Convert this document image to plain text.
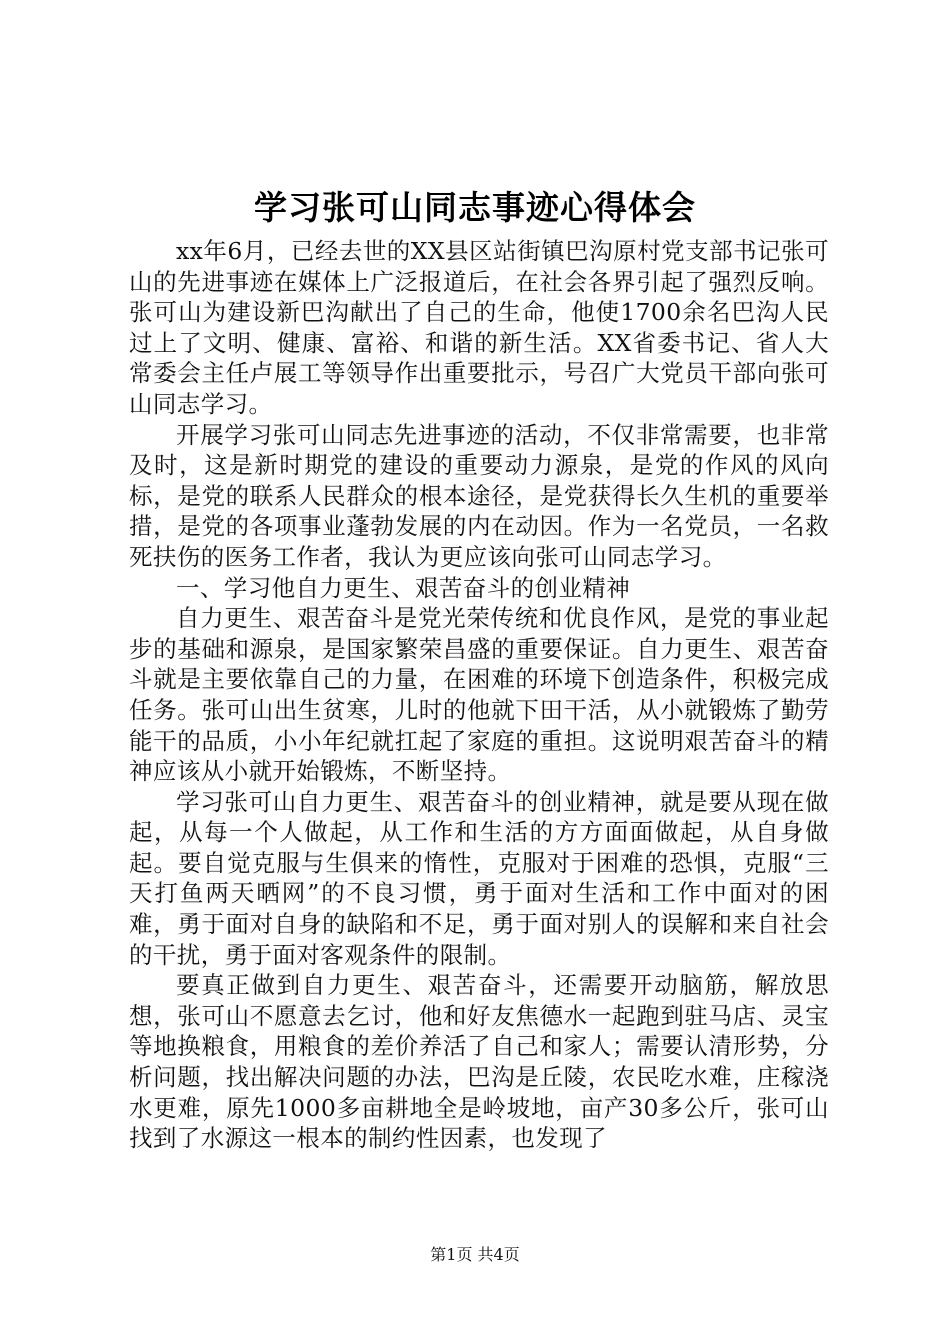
学习张可山同志事迹心得体会

xx年6月，已经去世的XX县区站街镇巴沟原村党支部书记张可山的先进事迹在媒体上广泛报道后，在社会各界引起了强烈反响。张可山为建设新巴沟献出了自己的生命，他使1700余名巴沟人民过上了文明、健康、富裕、和谐的新生活。XX省委书记、省人大常委会主任卢展工等领导作出重要批示，号召广大党员干部向张可山同志学习。

开展学习张可山同志先进事迹的活动，不仅非常需要，也非常及时，这是新时期党的建设的重要动力源泉，是党的作风的风向标，是党的联系人民群众的根本途径，是党获得长久生机的重要举措，是党的各项事业蓬勃发展的内在动因。作为一名党员，一名救死扶伤的医务工作者，我认为更应该向张可山同志学习。

一、学习他自力更生、艰苦奋斗的创业精神

自力更生、艰苦奋斗是党光荣传统和优良作风，是党的事业起步的基础和源泉，是国家繁荣昌盛的重要保证。自力更生、艰苦奋斗就是主要依靠自己的力量，在困难的环境下创造条件，积极完成任务。张可山出生贫寒，儿时的他就下田干活，从小就锻炼了勤劳能干的品质，小小年纪就扛起了家庭的重担。这说明艰苦奋斗的精神应该从小就开始锻炼，不断坚持。

学习张可山自力更生、艰苦奋斗的创业精神，就是要从现在做起，从每一个人做起，从工作和生活的方方面面做起，从自身做起。要自觉克服与生俱来的惰性，克服对于困难的恐惧，克服“三天打鱼两天晒网”的不良习惯，勇于面对生活和工作中面对的困难，勇于面对自身的缺陷和不足，勇于面对别人的误解和来自社会的干扰，勇于面对客观条件的限制。

要真正做到自力更生、艰苦奋斗，还需要开动脑筋，解放思想，张可山不愿意去乞讨，他和好友焦德水一起跑到驻马店、灵宝等地换粮食，用粮食的差价养活了自己和家人；需要认清形势，分析问题，找出解决问题的办法，巴沟是丘陵，农民吃水难，庄稼浇水更难，原先1000多亩耕地全是岭坡地，亩产30多公斤，张可山找到了水源这一根本的制约性因素，也发现了

第1页 共4页
